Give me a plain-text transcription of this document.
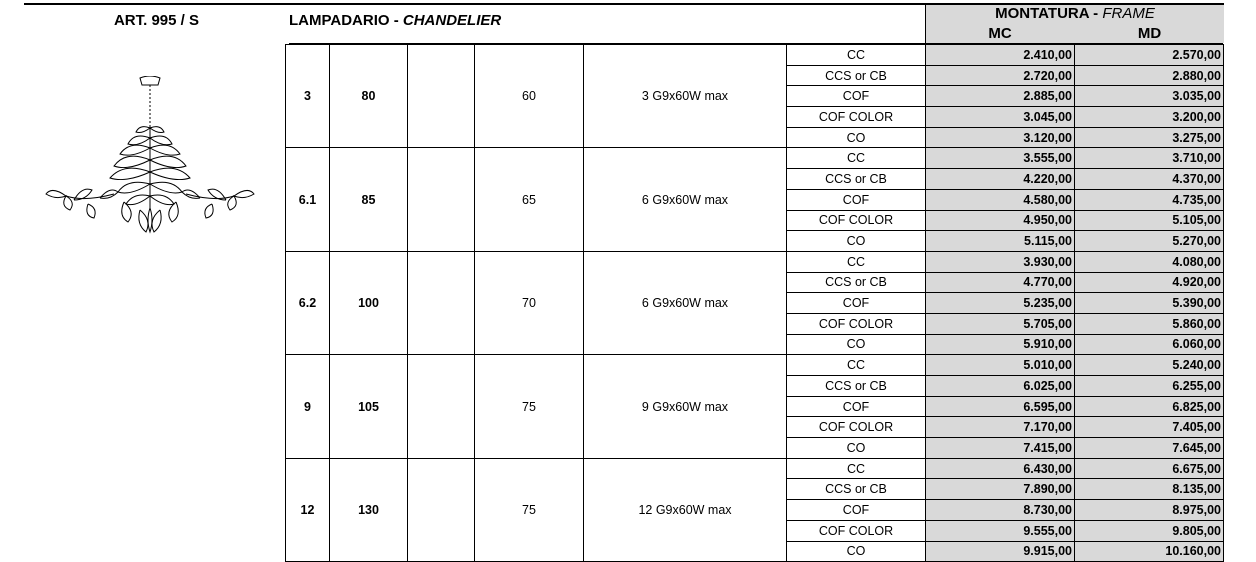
ART. 995 / S	LAMPADARIO - CHANDELIER	MONTATURA - FRAME
MC	MD
3	80		60	3 G9x60W max	CC	2.410,00	2.570,00
					CCS or CB	2.720,00	2.880,00
					COF	2.885,00	3.035,00
					COF COLOR	3.045,00	3.200,00
					CO	3.120,00	3.275,00
6.1	85		65	6 G9x60W max	CC	3.555,00	3.710,00
					CCS or CB	4.220,00	4.370,00
					COF	4.580,00	4.735,00
					COF COLOR	4.950,00	5.105,00
					CO	5.115,00	5.270,00
6.2	100		70	6 G9x60W max	CC	3.930,00	4.080,00
					CCS or CB	4.770,00	4.920,00
					COF	5.235,00	5.390,00
					COF COLOR	5.705,00	5.860,00
					CO	5.910,00	6.060,00
9	105		75	9 G9x60W max	CC	5.010,00	5.240,00
					CCS or CB	6.025,00	6.255,00
					COF	6.595,00	6.825,00
					COF COLOR	7.170,00	7.405,00
					CO	7.415,00	7.645,00
12	130		75	12 G9x60W max	CC	6.430,00	6.675,00
					CCS or CB	7.890,00	8.135,00
					COF	8.730,00	8.975,00
					COF COLOR	9.555,00	9.805,00
					CO	9.915,00	10.160,00
